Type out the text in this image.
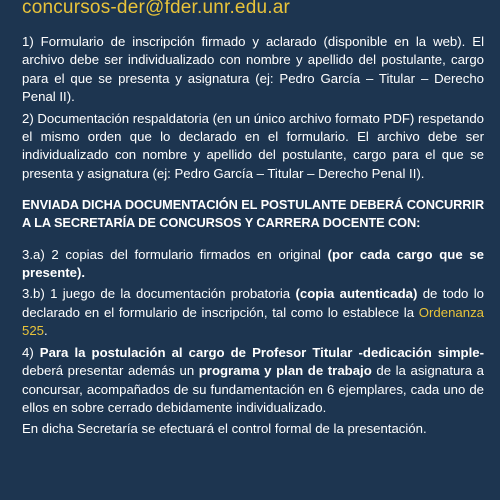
concursos-der@fder.unr.edu.ar

1) Formulario de inscripción firmado y aclarado (disponible en la web). El archivo debe ser individualizado con nombre y apellido del postulante, cargo para el que se presenta y asignatura (ej: Pedro García – Titular – Derecho Penal II).

2) Documentación respaldatoria (en un único archivo formato PDF) respetando el mismo orden que lo declarado en el formulario. El archivo debe ser individualizado con nombre y apellido del postulante, cargo para el que se presenta y asignatura (ej: Pedro García – Titular – Derecho Penal II).

ENVIADA DICHA DOCUMENTACIÓN EL POSTULANTE DEBERÁ CONCURRIR A LA SECRETARÍA DE CONCURSOS Y CARRERA DOCENTE CON:

3.a) 2 copias del formulario firmados en original (por cada cargo que se presente).

3.b) 1 juego de la documentación probatoria (copia autenticada) de todo lo declarado en el formulario de inscripción, tal como lo establece la Ordenanza 525.

4) Para la postulación al cargo de Profesor Titular -dedicación simple- deberá presentar además un programa y plan de trabajo de la asignatura a concursar, acompañados de su fundamentación en 6 ejemplares, cada uno de ellos en sobre cerrado debidamente individualizado.

En dicha Secretaría se efectuará el control formal de la presentación.
